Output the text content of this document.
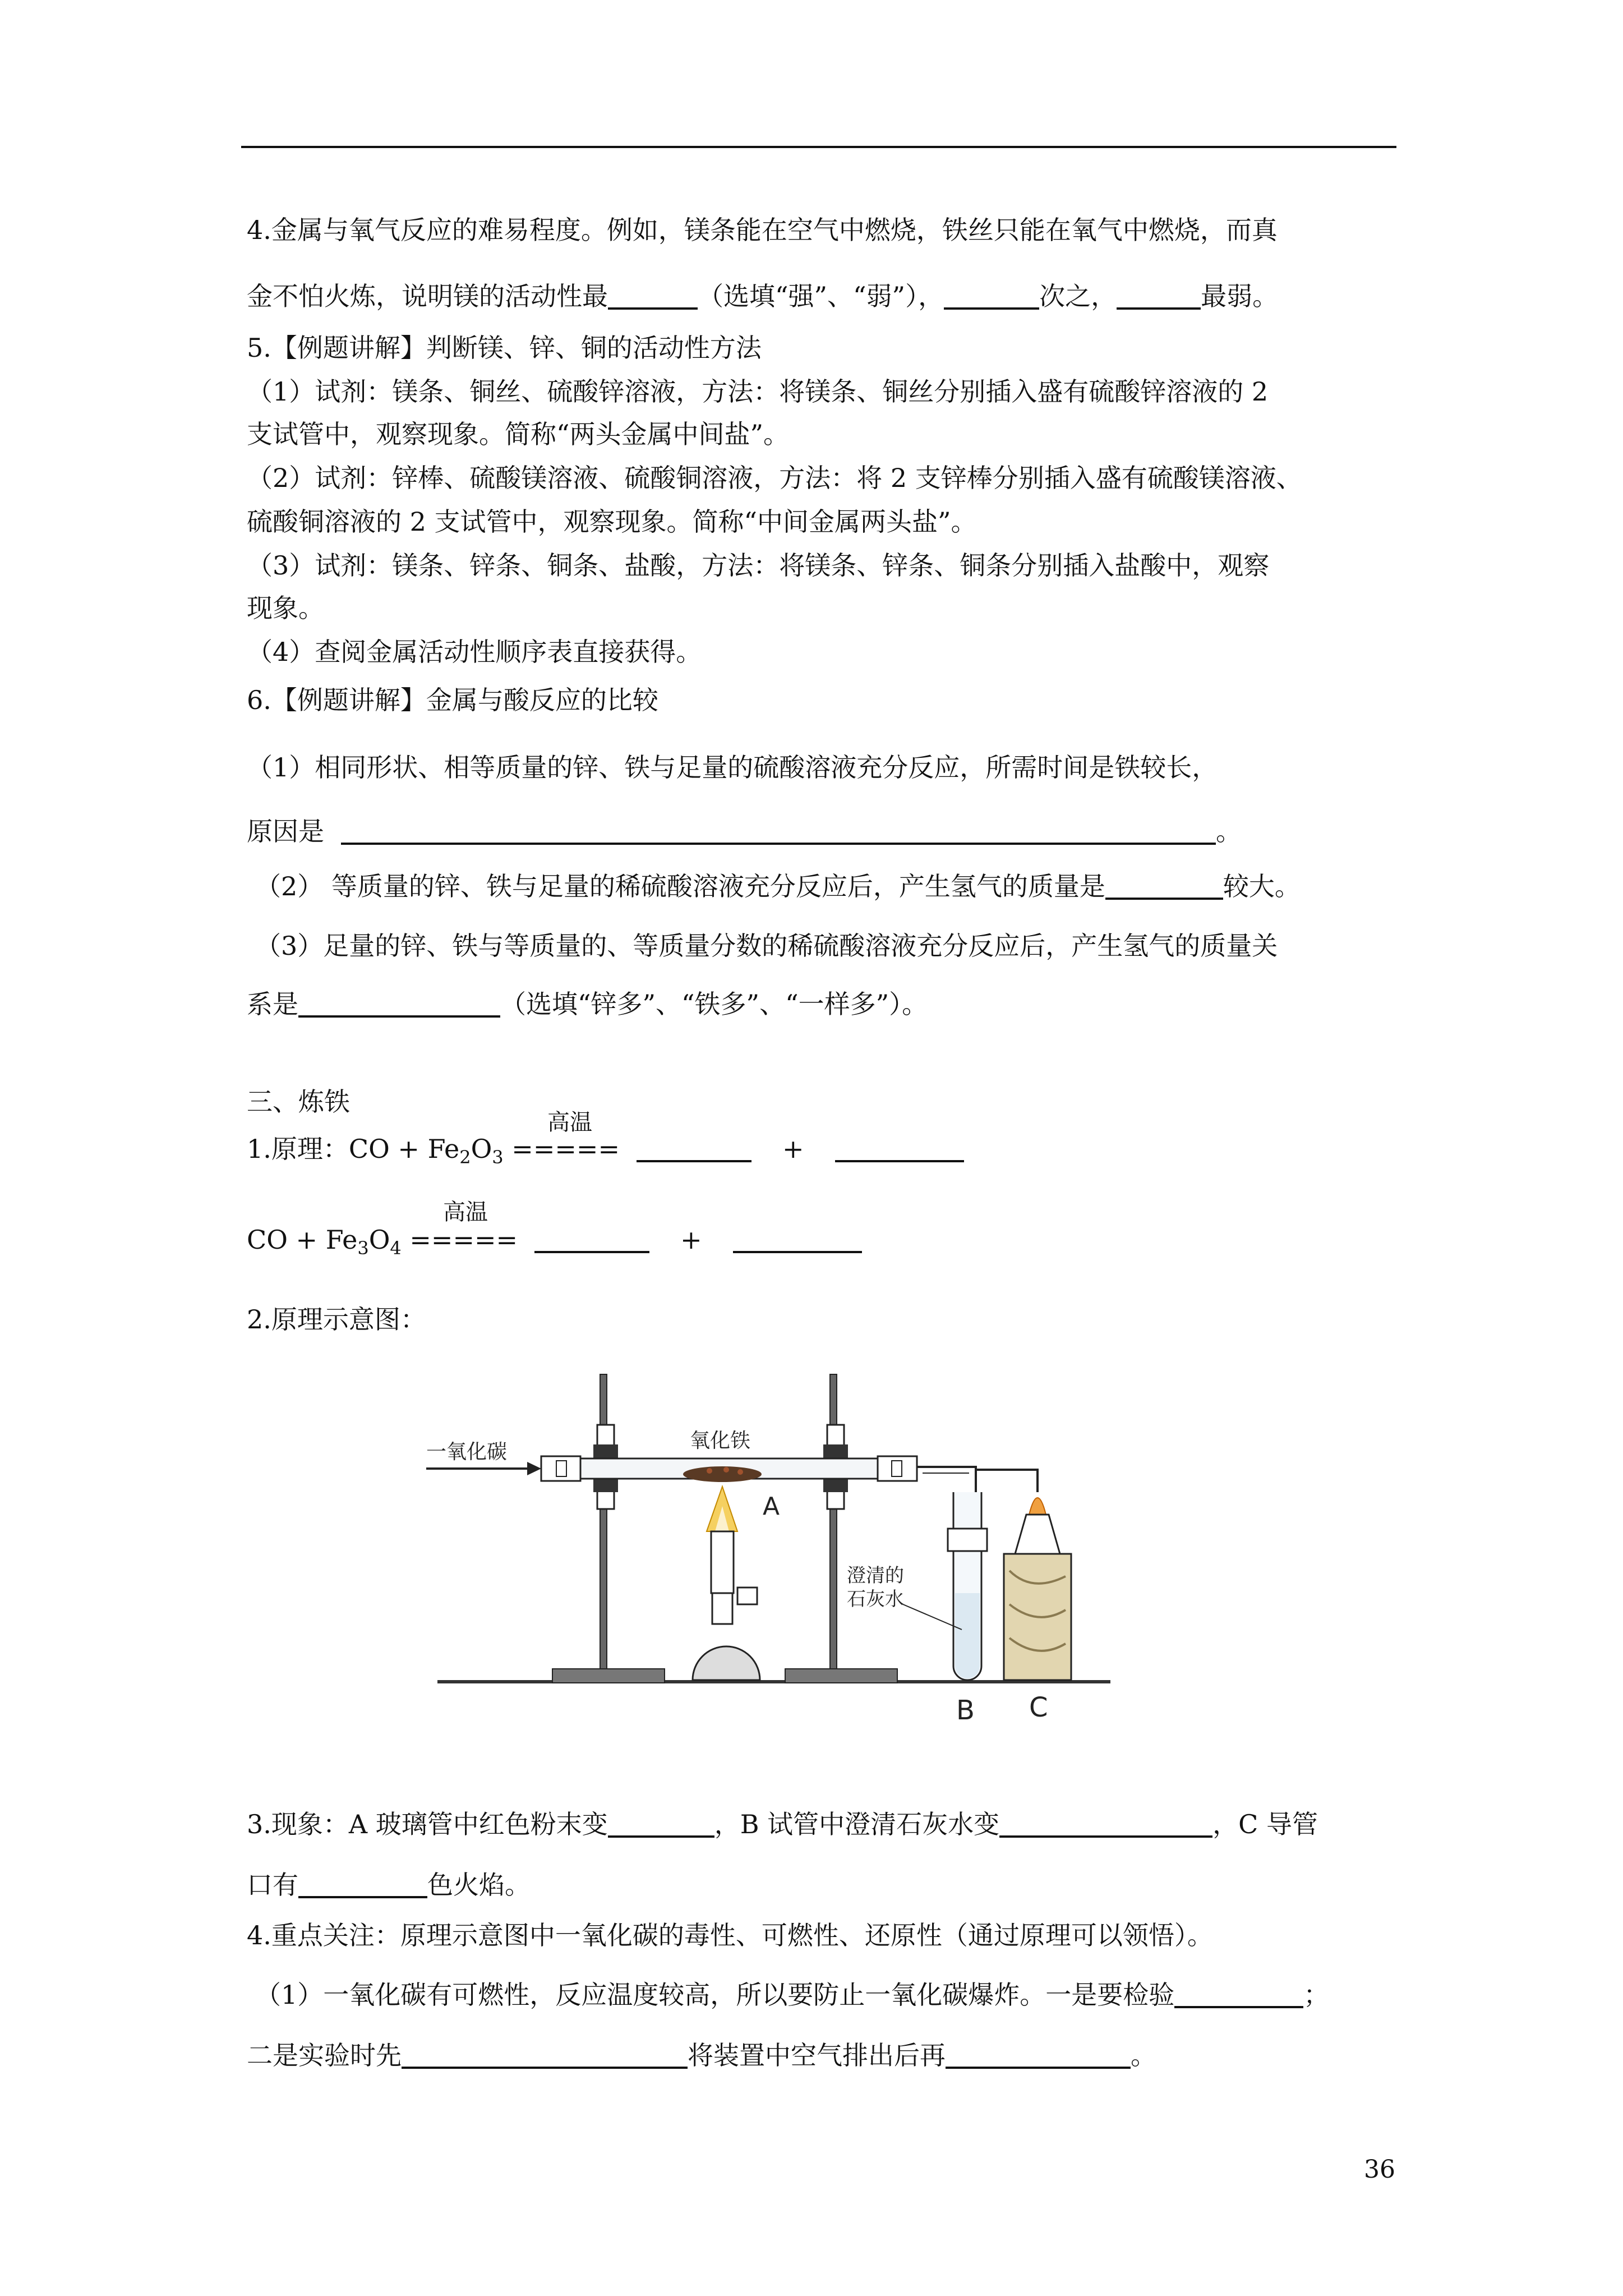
4.金属与氧气反应的难易程度。例如，镁条能在空气中燃烧，铁丝只能在氧气中燃烧，而真
金不怕火炼，说明镁的活动性最	（选填“强”、“弱”），	次之，	最弱。
5.【例题讲解】判断镁、锌、铜的活动性方法
（1）试剂：镁条、铜丝、硫酸锌溶液，方法：将镁条、铜丝分别插入盛有硫酸锌溶液的 2
支试管中，观察现象。简称“两头金属中间盐”。
（2）试剂：锌棒、硫酸镁溶液、硫酸铜溶液，方法：将 2 支锌棒分别插入盛有硫酸镁溶液、
硫酸铜溶液的 2 支试管中，观察现象。简称“中间金属两头盐”。
（3）试剂：镁条、锌条、铜条、盐酸，方法：将镁条、锌条、铜条分别插入盐酸中，观察
现象。
（4）查阅金属活动性顺序表直接获得。
6.【例题讲解】金属与酸反应的比较
（1）相同形状、相等质量的锌、铁与足量的硫酸溶液充分反应，所需时间是铁较长，
原因是	。
（2） 等质量的锌、铁与足量的稀硫酸溶液充分反应后，产生氢气的质量是	较大。
（3）足量的锌、铁与等质量的、等质量分数的稀硫酸溶液充分反应后，产生氢气的质量关
系是	（选填“锌多”、“铁多”、“一样多”）。
三、炼铁
高温
1.原理：CO + $Fe_2O_3$ =====	+
高温
CO + $Fe_3O_4$ =====	+
2.原理示意图：
一氧化碳	氧化铁
A
澄清的
石灰水
B C
3.现象：A 玻璃管中红色粉末变	，B 试管中澄清石灰水变	，C 导管
口有	色火焰。
4.重点关注：原理示意图中一氧化碳的毒性、可燃性、还原性（通过原理可以领悟）。
（1）一氧化碳有可燃性，反应温度较高，所以要防止一氧化碳爆炸。一是要检验	；
二是实验时先	将装置中空气排出后再	。
36
